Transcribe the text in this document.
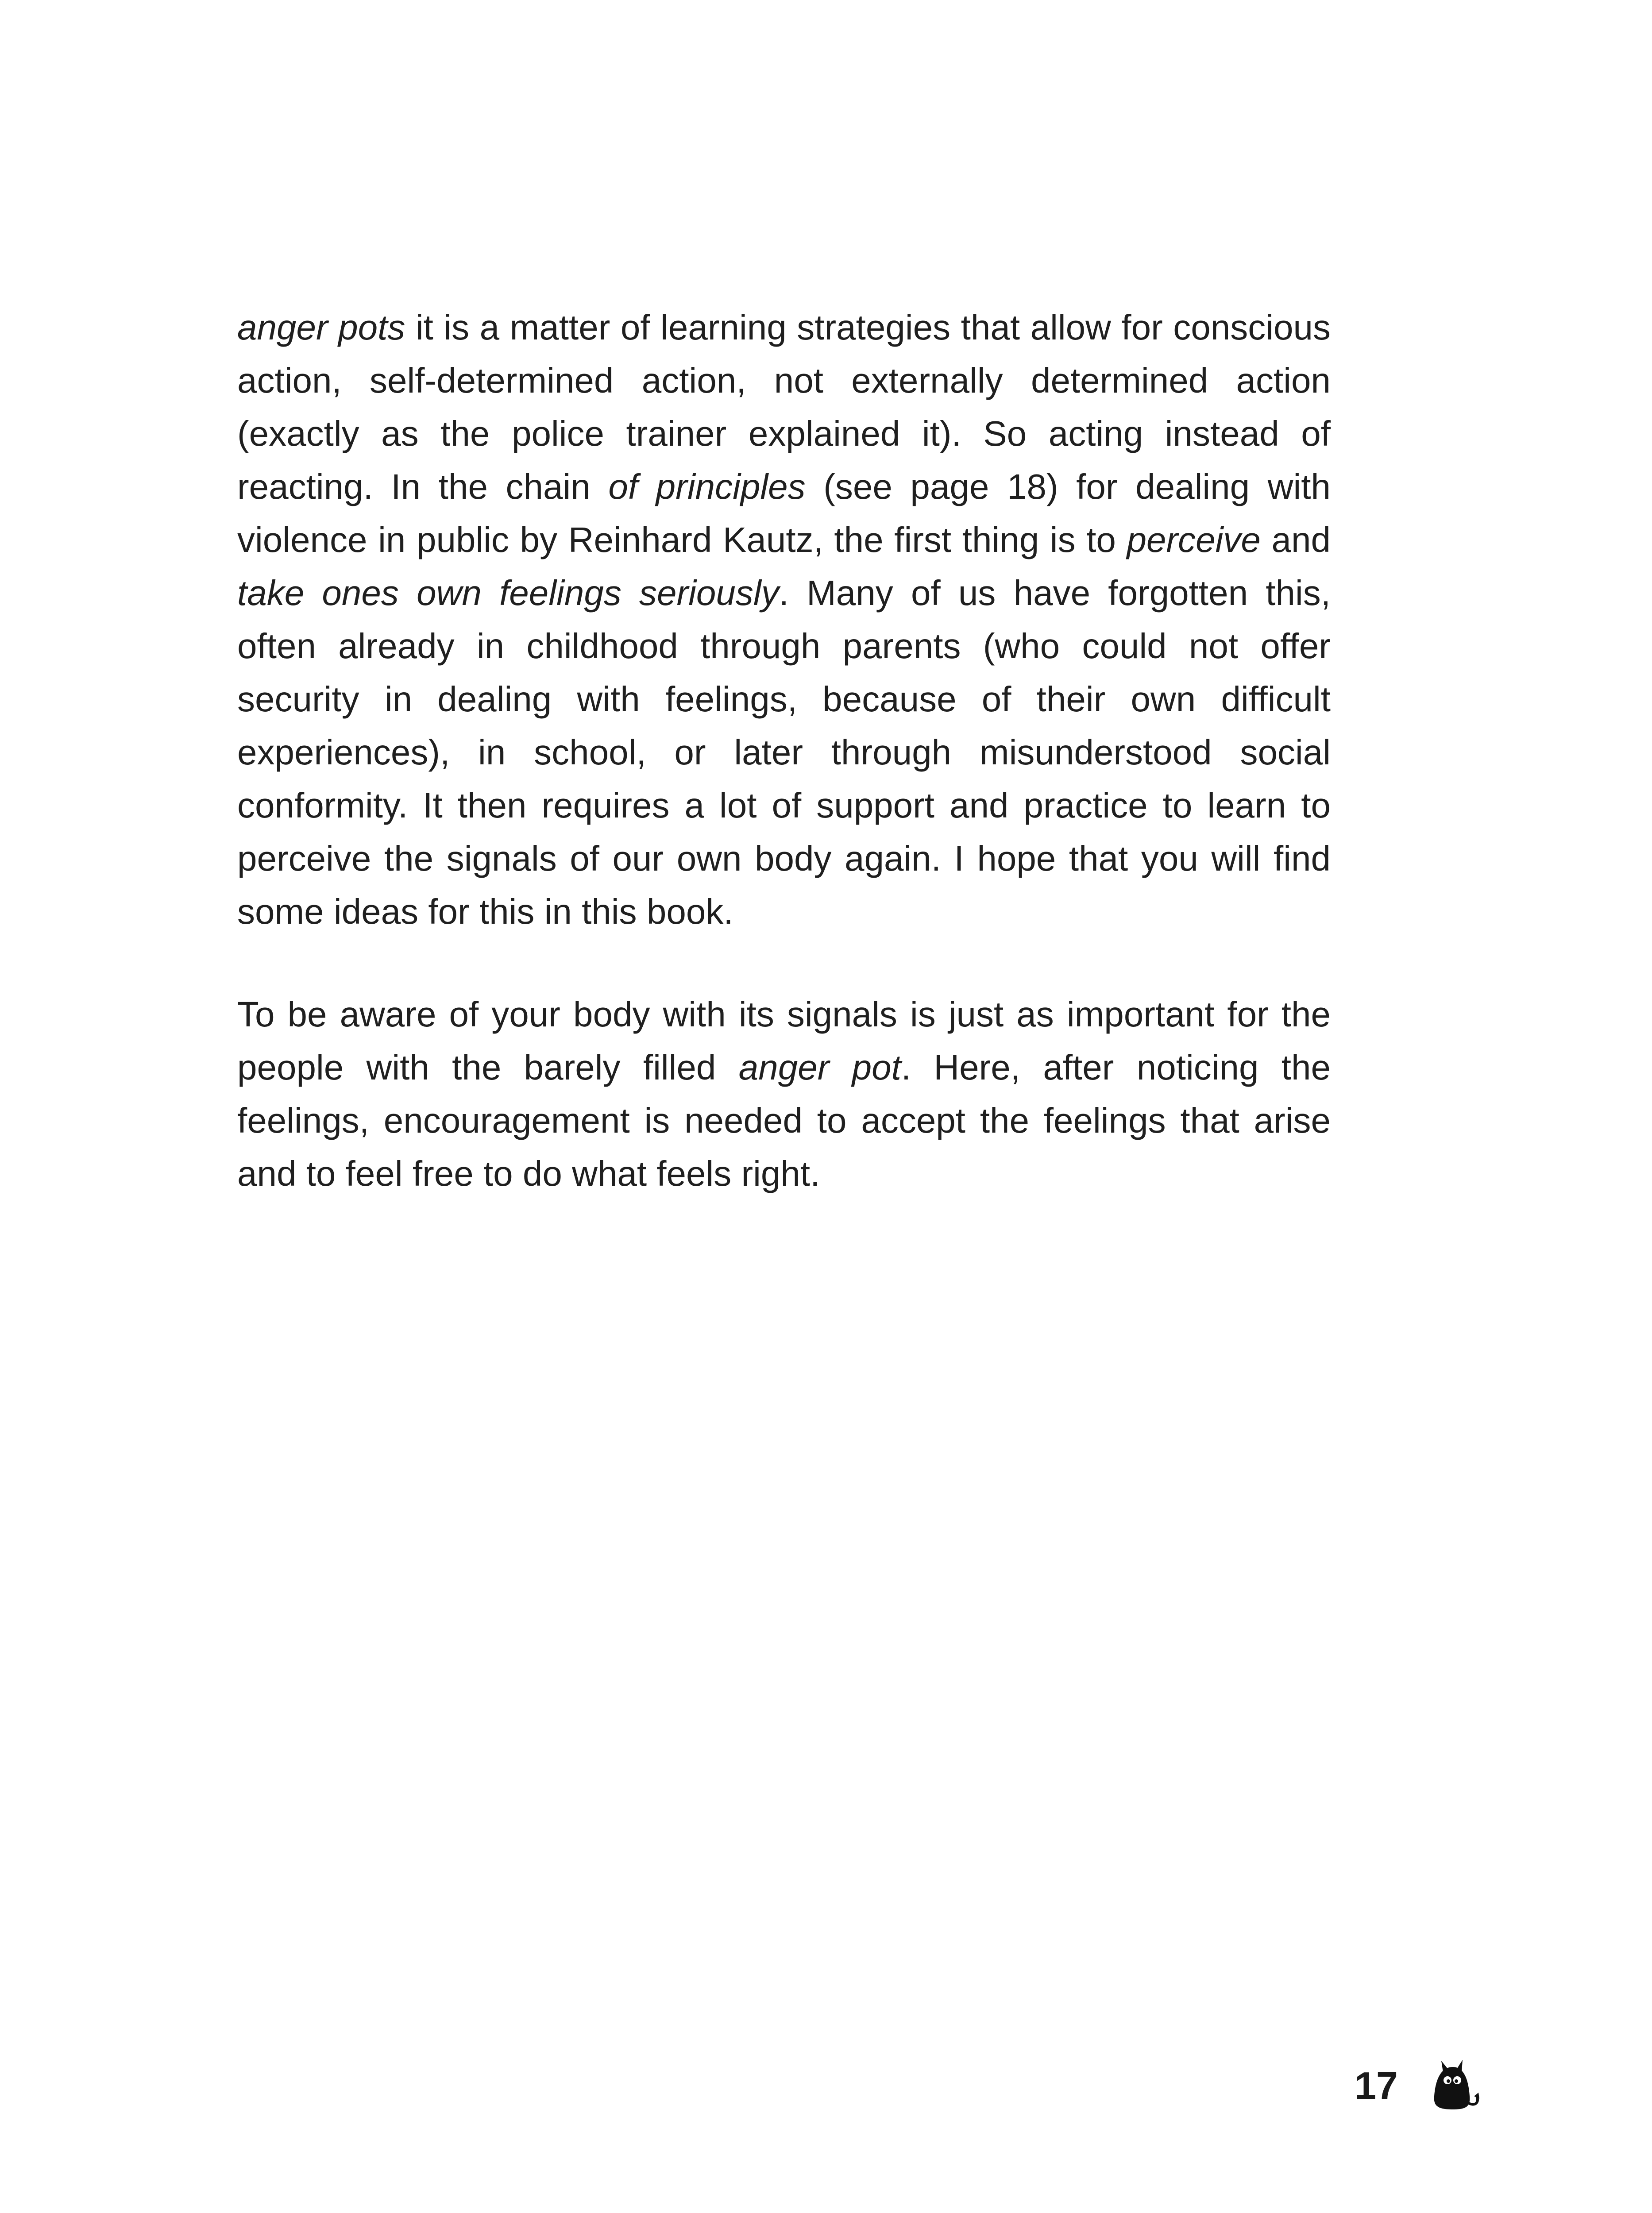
anger pots it is a matter of learning strategies that allow for conscious action, self-determined action, not externally determined action (exactly as the police trainer explained it). So acting instead of reacting. In the chain of principles (see page 18) for dealing with violence in public by Reinhard Kautz, the first thing is to perceive and take ones own feelings seriously. Many of us have forgotten this, often already in childhood through parents (who could not offer security in dealing with feelings, because of their own difficult experiences), in school, or later through misunderstood social conformity. It then requires a lot of support and practice to learn to perceive the signals of our own body again. I hope that you will find some ideas for this in this book.

To be aware of your body with its signals is just as important for the people with the barely filled anger pot. Here, after noticing the feelings, encouragement is needed to accept the feelings that arise and to feel free to do what feels right.

17
